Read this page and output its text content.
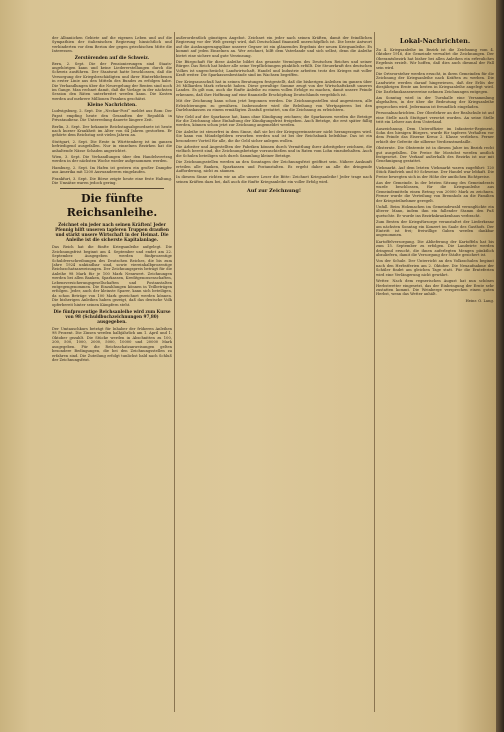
der Albaniichen Gebiete auf die eigenen Leben und auf die Sympathien der italienischen Regierung hinsichtlich und verhinderten vor dem Berion der gegen griechischen Mitte die Interessen.

Zerstörenden auf die Schweiz.

Bern, 2. Sept. Die der Pensionierungen sind Staats- angehörigen kann und keine Liedererstellungen durch die Schweiz ausführen. Der Staatsrat hatte beschlossen, daß die Versorgung der Kriegsbeschädigten und ihrer Hinterbliebenen in erster Linie aus den Mitteln des Bundes zu erfolgen habe. Die Verhandlungen über die Neuregelung der Renten sind noch im Gange. Man rechnet damit, daß die Vorlage in der nächsten Session den Räten unterbreitet werden kann. Die Kosten werden auf mehrere Millionen Franken geschätzt.

Kleine Nachrichten.

Ludwigsburg, 2. Sept. Die „Neckar-Post“ meldet aus Rom: Der Papst empfing heute den Gesandten der Republik in Privataudienz. Die Unterredung dauerte längere Zeit.

Berlin, 3. Sept. Der bekannte Reichstagsabgeordnete ist heute nach kurzer Krankheit im Alter von 64 Jahren gestorben. Er gehörte dem Reichstag seit vielen Jahren an.

Stuttgart, 2. Sept. Die Ernte in Württemberg ist im ganzen befriedigend ausgefallen. Nur in einzelnen Bezirken hat die anhaltende Nässe Schaden angerichtet.

Wien, 3. Sept. Die Verhandlungen über den Handelsvertrag werden in der nächsten Woche wieder aufgenommen werden.

Hamburg, 2. Sept. Im Hafen ist gestern ein großer Dampfer aus Amerika mit 1200 Auswanderern eingelaufen.

Frankfurt, 3. Sept. Die Börse zeigte heute eine feste Haltung. Die Umsätze waren jedoch gering.

Die fünfte Reichsanleihe.

Zeichnet ein jeder nach seinen Kräften! Jeder Pfennig hilft unseren tapferen Truppen draußen und stärkt unsere Wirtschaft in der Heimat. Die Anleihe ist die sicherste Kapitalanlage.

Das Reich hat die fünfte Kriegsanleihe aufgelegt. Die Zeichnungsfrist beginnt am 4. September und endet am 22. September. Ausgegeben werden fünfprozentige Schuldverschreibungen des Deutschen Reiches, die bis zum Jahre 1924 unkündbar sind, sowie viereinhalbprozentige Reichsschatzanweisungen. Der Zeichnungspreis beträgt für die Anleihe 98 Mark für je 100 Mark Nennwert. Zeichnungen werden bei allen Banken, Sparkassen, Kreditgenossenschaften, Lebensversicherungsgesellschaften und Postanstalten entgegengenommen. Die Einzahlungen können in Teilbeträgen erfolgen. Jeder, auch der kleinste Sparer, kann sich beteiligen, da schon Beträge von 100 Mark gezeichnet werden können. Die bisherigen Anleihen haben gezeigt, daß das deutsche Volk opferbereit hinter seinen Kämpfern steht.

Die fünfprozentige Reichsanleihe wird zum Kurse von 98 (Schuldbuchzeichnungen 97,80) ausgegeben.

Der Umtauschkurs beträgt für Inhaber der früheren Anleihen 98 Prozent. Die Zinsen werden halbjährlich am 1. April und 1. Oktober gezahlt. Die Stücke werden in Abschnitten zu 100, 200, 500, 1000, 2000, 5000, 10000 und 20000 Mark ausgegeben. Für die Reichsschatzanweisungen gelten besondere Bedingungen, die bei den Zeichnungsstellen zu erfahren sind. Die Zuteilung erfolgt tunlichst bald nach Schluß der Zeichnungsfrist.

außerordentlich günstigen Angebot. Zeichnet ein jeder nach seinen Kräften, damit der feindlichen Regierung vor der Welt gezeigt wird, daß Deutschland finanziell unerschöpflich ist. Die beste Antwort auf die Aushungerungspläne unserer Gegner ist ein glänzendes Ergebnis der neuen Kriegsanleihe. Es kommt auf jeden Einzelnen an. Wer zeichnet, hilft dem Vaterlande und sich selbst, denn die Anleihe bietet eine sichere und gute Verzinsung.

Die Bürgschaft für diese Anleihe bildet das gesamte Vermögen des Deutschen Reiches und seiner Bürger. Das Reich hat bisher alle seine Verpflichtungen pünktlich erfüllt. Die Steuerkraft des deutschen Volkes ist ungeschwächt; Landwirtschaft, Handel und Industrie arbeiten trotz des Krieges mit voller Kraft weiter. Die Sparkassenbestände sind im Wachsen begriffen.

Der Kriegsausschuß hat in seinen Beratungen festgestellt, daß die bisherigen Anleihen im ganzen über 36 Milliarden Mark erbracht haben. Diese gewaltige Summe zeugt von der Wirtschaftskraft unseres Landes. Es gilt nun, auch die fünfte Anleihe zu einem vollen Erfolge zu machen, damit unsere Feinde erkennen, daß ihre Hoffnung auf eine finanzielle Erschöpfung Deutschlands vergeblich ist.

Mit der Zeichnung kann schon jetzt begonnen werden. Die Zeichnungsstellen sind angewiesen, alle Erleichterungen zu gewähren. Insbesondere wird die Beleihung von Wertpapieren bei den Darlehnskassen zu einem ermäßigten Zinsfuß gestattet, um die Zeichnung zu erleichtern.

Wer Geld auf der Sparkasse hat, kann ohne Kündigung zeichnen; die Sparkassen werden die Beträge für die Zeichnung ohne Einhaltung der Kündigungsfrist freigeben. Auch Beträge, die erst später fällig werden, können schon jetzt zur Zeichnung angemeldet werden.

Die Anleihe ist steuerfrei in dem Sinne, daß sie bei der Kriegsgewinnsteuer nicht herangezogen wird. Sie kann von Mündelgeldern erworben werden und ist bei der Reichsbank beleihbar. Das ist ein besonderer Vorteil für alle, die ihr Geld sicher anlegen wollen.

Die Arbeiter und Angestellten der Fabriken können durch Vermittlung ihrer Arbeitgeber zeichnen, die vielfach bereit sind, die Zeichnungsbeträge vorzuschießen und in Raten vom Lohn einzubehalten. Auch die Schulen beteiligen sich durch Sammlung kleiner Beträge.

Die Zeichnungsstellen werden an den Sonntagen der Zeichnungsfrist geöffnet sein. Nähere Auskunft erteilen alle Banken, Sparkassen und Postanstalten. Es ergeht daher an alle die dringende Aufforderung, nicht zu säumen.

In diesem Sinne richten wir an alle unsere Leser die Bitte: Zeichnet Kriegsanleihe! Jeder trage nach seinen Kräften dazu bei, daß auch die fünfte Kriegsanleihe ein voller Erfolg wird.

Auf zur Zeichnung!

Lokal-Nachrichten.

Zu 4. Kriegsanleihe im Bezirk ist die Zeichnung vom 4. Oktober 1916, die Gemeinde verwaltet die Zeichnungen. Der Oberamtsbezirk hat bisher bei allen Anleihen ein erfreuliches Ergebnis erzielt. Wir hoffen, daß dies auch diesmal der Fall sein wird.

Die Ortsvorsteher werden ersucht, in ihren Gemeinden für die Zeichnung der Kriegsanleihe nach Kräften zu werben. Die Landwirte werden darauf hingewiesen, daß der Erlös der diesjährigen Ernte am besten in Kriegsanleihe angelegt wird. Die Darlehnskassenvereine nehmen Zeichnungen entgegen.

Am Sonntag wird in der Turnhalle eine Versammlung abgehalten, in der über die Bedeutung der Kriegsanleihe gesprochen wird. Jedermann ist freundlich eingeladen.

Personalnachrichten. Der Oberlehrer an der Realschule ist auf eine Stelle nach Stuttgart versetzt worden. An seine Stelle tritt ein Lehrer aus dem Unterland.

Auszeichnung. Dem Unteroffizier im Infanterie-Regiment, Sohn des hiesigen Bürgers, wurde für tapferes Verhalten vor dem Feinde das Eiserne Kreuz 2. Klasse verliehen. Ferner erhielt der Gefreite die silberne Verdienstmedaille.

Obsternte. Die Obsternte ist in diesem Jahre im Bezirk recht gut ausgefallen. Die Preise für Mostobst werden amtlich festgesetzt. Der Verkauf außerhalb des Bezirks ist nur mit Genehmigung gestattet.

Viehmarkt. Auf dem letzten Viehmarkt waren zugeführt: 120 Stück Rindvieh und 80 Schweine. Der Handel war lebhaft. Die Preise bewegten sich in der Höhe der amtlichen Richtpreise.

Aus der Gemeinde. In der letzten Sitzung des Gemeinderats wurde beschlossen, für die Kriegsanleihe aus Gemeindemitteln einen Betrag von 20000 Mark zu zeichnen. Ferner wurde die Verteilung von Brennholz an die Familien der Kriegsteilnehmer geregelt.

Unfall. Beim Holzmachen im Gemeindewald verunglückte ein älterer Mann, indem ihm ein fallender Stamm den Fuß quetschte. Er wurde ins Bezirkskrankenhaus verbracht.

Zum Besten der Kriegsfürsorge veranstaltet der Liederkranz am nächsten Sonntag ein Konzert im Saale des Gasthofs. Der Eintritt ist frei; freiwillige Gaben werden dankbar angenommen.

Kartoffelversorgung. Die Ablieferung der Kartoffeln hat bis zum 15. September zu erfolgen. Die Landwirte werden dringend ersucht, die ihnen auferlegten Mengen pünktlich abzuliefern, damit die Versorgung der Städte gesichert ist.

Von der Schule. Der Unterricht an den Volksschulen beginnt nach den Herbstferien am 2. Oktober. Die Neuaufnahme der Schüler findet am gleichen Tage statt. Für die Ernteferien wird eine Verlängerung nicht gewährt.

Wetter. Nach dem regnerischen August hat nun schönes Herbstwetter eingesetzt, das der Einbringung der Ernte sehr zustatten kommt. Die Weinberge versprechen einen guten Herbst, wenn das Wetter anhält.

Heinr. O. Lang.
